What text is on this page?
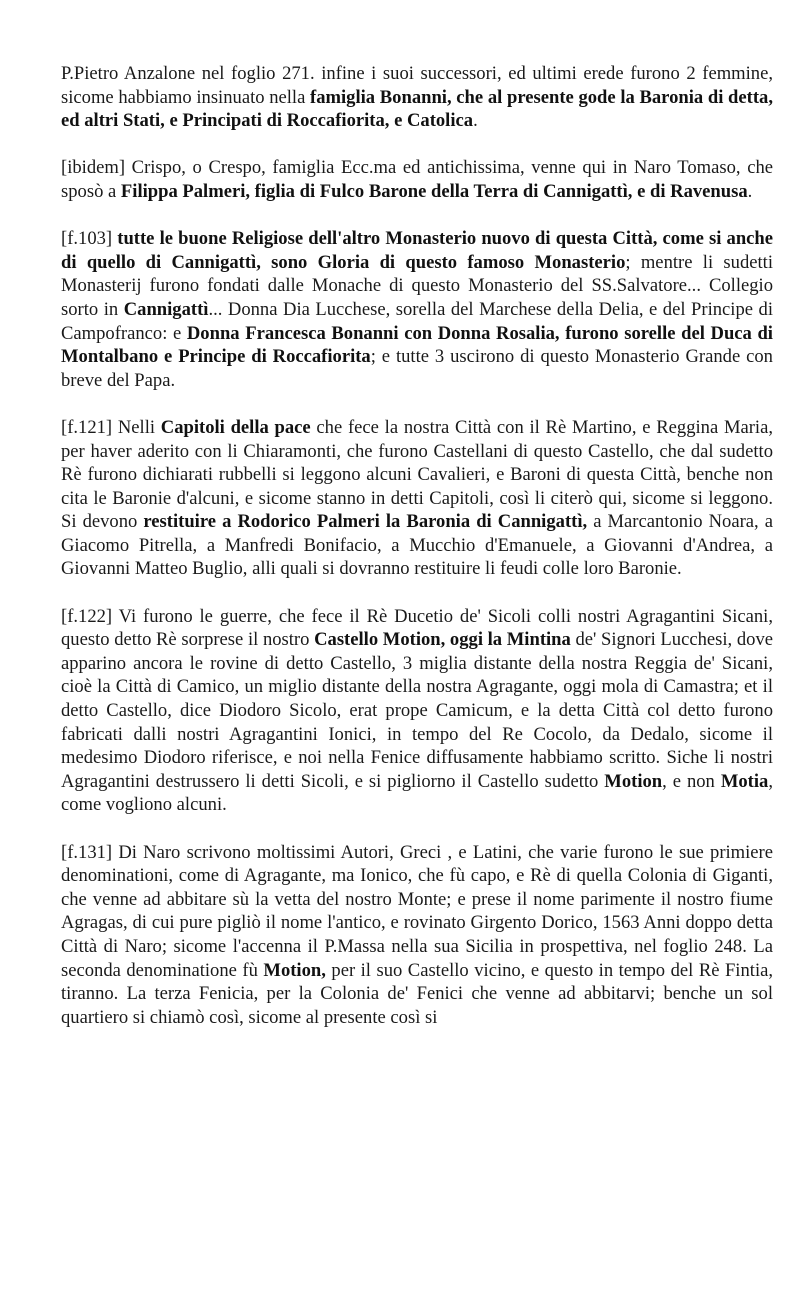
P.Pietro Anzalone nel foglio 271. infine i suoi successori, ed ultimi erede furono 2 femmine, sicome habbiamo insinuato nella famiglia Bonanni, che al presente gode la Baronia di detta, ed altri Stati, e Principati di Roccafiorita, e Catolica.

[ibidem] Crispo, o Crespo, famiglia Ecc.ma ed antichissima, venne qui in Naro Tomaso, che sposò a Filippa Palmeri, figlia di Fulco Barone della Terra di Cannigattì, e di Ravenusa.

[f.103] tutte le buone Religiose dell'altro Monasterio nuovo di questa Città, come si anche di quello di Cannigattì, sono Gloria di questo famoso Monasterio; mentre li sudetti Monasterij furono fondati dalle Monache di questo Monasterio del SS.Salvatore... Collegio sorto in Cannigattì... Donna Dia Lucchese, sorella del Marchese della Delia, e del Principe di Campofranco: e Donna Francesca Bonanni con Donna Rosalia, furono sorelle del Duca di Montalbano e Principe di Roccafiorita; e tutte 3 uscirono di questo Monasterio Grande con breve del Papa.

[f.121] Nelli Capitoli della pace che fece la nostra Città con il Rè Martino, e Reggina Maria, per haver aderito con li Chiaramonti, che furono Castellani di questo Castello, che dal sudetto Rè furono dichiarati rubbelli si leggono alcuni Cavalieri, e Baroni di questa Città, benche non cita le Baronie d'alcuni, e sicome stanno in detti Capitoli, così li citerò qui, sicome si leggono. Si devono restituire a Rodorico Palmeri la Baronia di Cannigattì, a Marcantonio Noara, a Giacomo Pitrella, a Manfredi Bonifacio, a Mucchio d'Emanuele, a Giovanni d'Andrea, a Giovanni Matteo Buglio, alli quali si dovranno restituire li feudi colle loro Baronie.

[f.122] Vi furono le guerre, che fece il Rè Ducetio de' Sicoli colli nostri Agragantini Sicani, questo detto Rè sorprese il nostro Castello Motion, oggi la Mintina de' Signori Lucchesi, dove apparino ancora le rovine di detto Castello, 3 miglia distante della nostra Reggia de' Sicani, cioè la Città di Camico, un miglio distante della nostra Agragante, oggi mola di Camastra; et il detto Castello, dice Diodoro Sicolo, erat prope Camicum, e la detta Città col detto furono fabricati dalli nostri Agragantini Ionici, in tempo del Re Cocolo, da Dedalo, sicome il medesimo Diodoro riferisce, e noi nella Fenice diffusamente habbiamo scritto. Siche li nostri Agragantini destrussero li detti Sicoli, e si pigliorno il Castello sudetto Motion, e non Motia, come vogliono alcuni.

[f.131] Di Naro scrivono moltissimi Autori, Greci , e Latini, che varie furono le sue primiere denominationi, come di Agragante, ma Ionico, che fù capo, e Rè di quella Colonia di Giganti, che venne ad abbitare sù la vetta del nostro Monte; e prese il nome parimente il nostro fiume Agragas, di cui pure pigliò il nome l'antico, e rovinato Girgento Dorico, 1563 Anni doppo detta Città di Naro; sicome l'accenna il P.Massa nella sua Sicilia in prospettiva, nel foglio 248. La seconda denominatione fù Motion, per il suo Castello vicino, e questo in tempo del Rè Fintia, tiranno. La terza Fenicia, per la Colonia de' Fenici che venne ad abbitarvi; benche un sol quartiero si chiamò così, sicome al presente così si
